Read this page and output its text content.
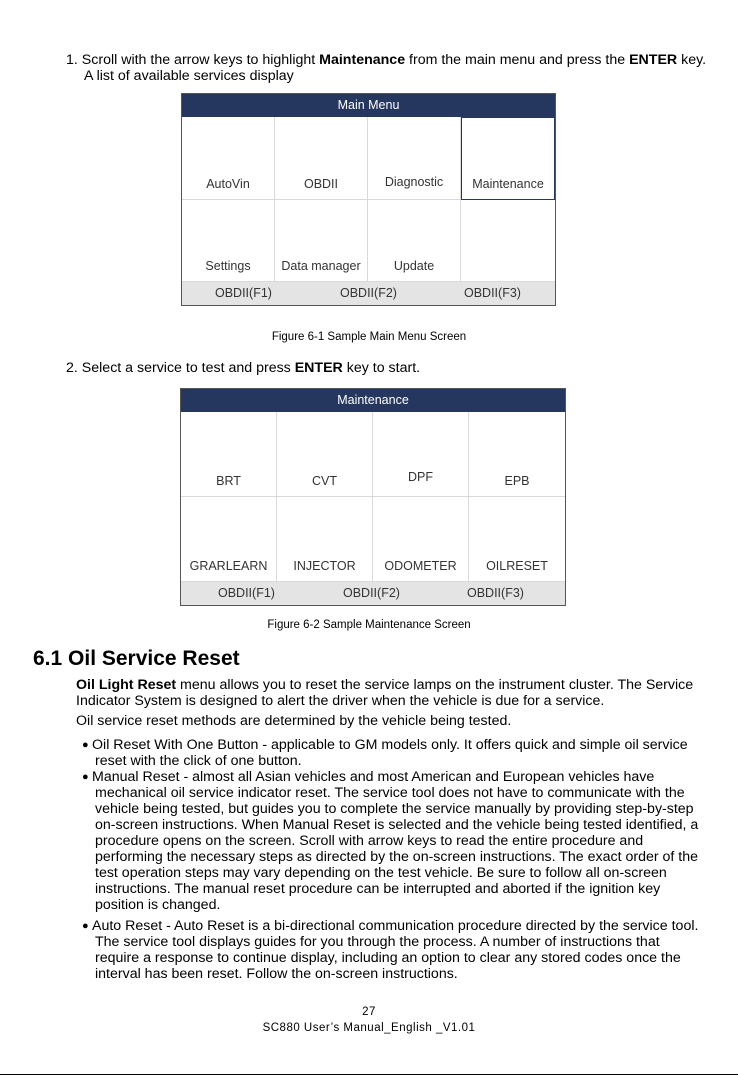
1. Scroll with the arrow keys to highlight Maintenance from the main menu and press the ENTER key.
A list of available services display
Main Menu
AutoVin	OBDII	Diagnostic	Maintenance
Settings	Data manager	Update
OBDII(F1)	OBDII(F2)	OBDII(F3)
Figure 6-1 Sample Main Menu Screen
2. Select a service to test and press ENTER key to start.
Maintenance
BRT	CVT	DPF	EPB
GRARLEARN	INJECTOR	ODOMETER	OILRESET
OBDII(F1)	OBDII(F2)	OBDII(F3)
Figure 6-2 Sample Maintenance Screen
6.1 Oil Service Reset
Oil Light Reset menu allows you to reset the service lamps on the instrument cluster. The Service
Indicator System is designed to alert the driver when the vehicle is due for a service.
Oil service reset methods are determined by the vehicle being tested.
● Oil Reset With One Button - applicable to GM models only. It offers quick and simple oil service
reset with the click of one button.
● Manual Reset - almost all Asian vehicles and most American and European vehicles have
mechanical oil service indicator reset. The service tool does not have to communicate with the
vehicle being tested, but guides you to complete the service manually by providing step-by-step
on-screen instructions. When Manual Reset is selected and the vehicle being tested identified, a
procedure opens on the screen. Scroll with arrow keys to read the entire procedure and
performing the necessary steps as directed by the on-screen instructions. The exact order of the
test operation steps may vary depending on the test vehicle. Be sure to follow all on-screen
instructions. The manual reset procedure can be interrupted and aborted if the ignition key
position is changed.
● Auto Reset - Auto Reset is a bi-directional communication procedure directed by the service tool.
The service tool displays guides for you through the process. A number of instructions that
require a response to continue display, including an option to clear any stored codes once the
interval has been reset. Follow the on-screen instructions.
27
SC880 User’s Manual_English _V1.01
